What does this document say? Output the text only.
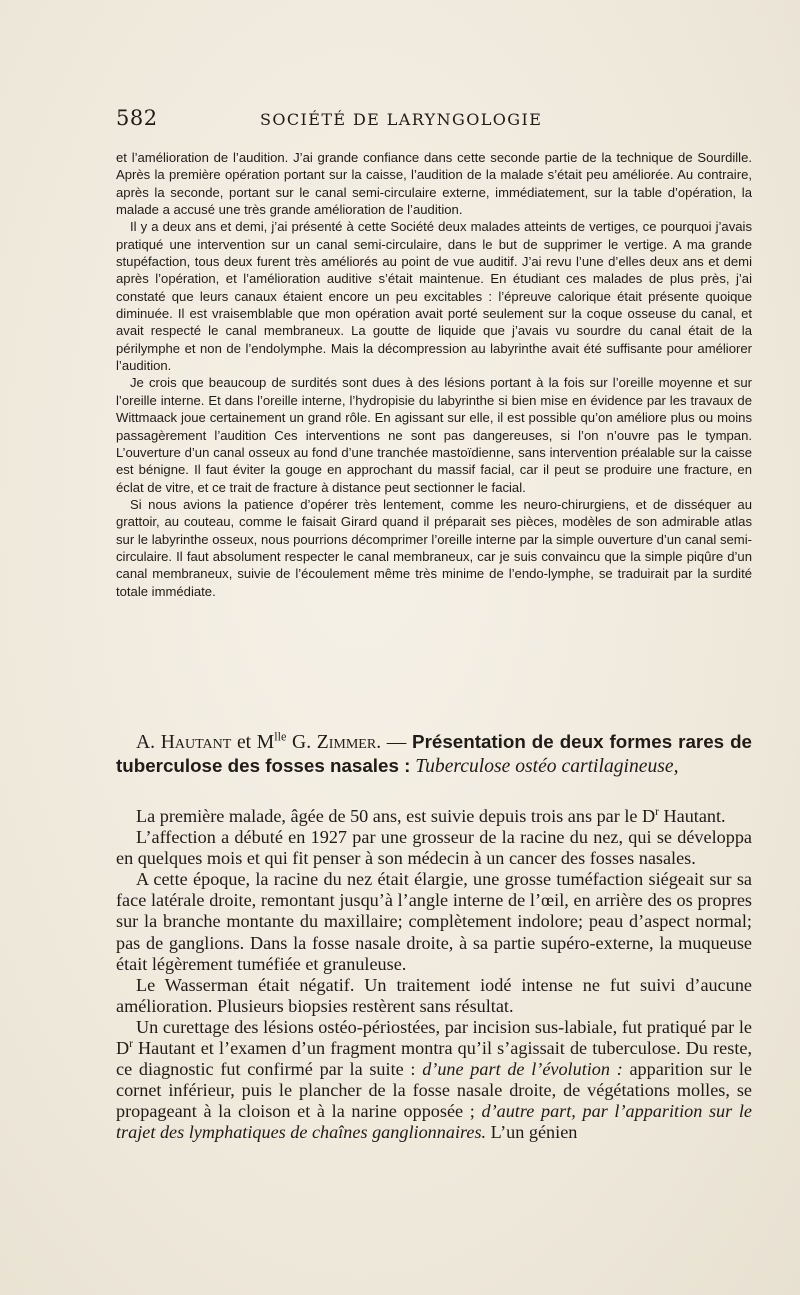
582	SOCIÉTÉ DE LARYNGOLOGIE

et l’amélioration de l’audition. J’ai grande confiance dans cette seconde partie de la technique de Sourdille. Après la première opération portant sur la caisse, l’audition de la malade s’était peu améliorée. Au contraire, après la seconde, portant sur le canal semi-circulaire externe, immédiatement, sur la table d’opération, la malade a accusé une très grande amélioration de l’audition.

Il y a deux ans et demi, j’ai présenté à cette Société deux malades atteints de vertiges, ce pourquoi j’avais pratiqué une intervention sur un canal semi-circulaire, dans le but de supprimer le vertige. A ma grande stupéfaction, tous deux furent très améliorés au point de vue auditif. J’ai revu l’une d’elles deux ans et demi après l’opération, et l’amélioration auditive s’était maintenue. En étudiant ces malades de plus près, j’ai constaté que leurs canaux étaient encore un peu excitables : l’épreuve calorique était présente quoique diminuée. Il est vraisemblable que mon opération avait porté seulement sur la coque osseuse du canal, et avait respecté le canal membraneux. La goutte de liquide que j’avais vu sourdre du canal était de la périlymphe et non de l’endolymphe. Mais la décompression au labyrinthe avait été suffisante pour améliorer l’audition.

Je crois que beaucoup de surdités sont dues à des lésions portant à la fois sur l’oreille moyenne et sur l’oreille interne. Et dans l’oreille interne, l’hydropisie du labyrinthe si bien mise en évidence par les travaux de Wittmaack joue certainement un grand rôle. En agissant sur elle, il est possible qu’on améliore plus ou moins passagèrement l’audition Ces interventions ne sont pas dangereuses, si l’on n’ouvre pas le tympan. L’ouverture d’un canal osseux au fond d’une tranchée mastoïdienne, sans intervention préalable sur la caisse est bénigne. Il faut éviter la gouge en approchant du massif facial, car il peut se produire une fracture, en éclat de vitre, et ce trait de fracture à distance peut sectionner le facial.

Si nous avions la patience d’opérer très lentement, comme les neuro-chirurgiens, et de disséquer au grattoir, au couteau, comme le faisait Girard quand il préparait ses pièces, modèles de son admirable atlas sur le labyrinthe osseux, nous pourrions décomprimer l’oreille interne par la simple ouverture d’un canal semi-circulaire. Il faut absolument respecter le canal membraneux, car je suis convaincu que la simple piqûre d’un canal membraneux, suivie de l’écoulement même très minime de l’endo-lymphe, se traduirait par la surdité totale immédiate.

A. Hautant et $M^{lle}$ G. Zimmer. — Présentation de deux formes rares de tuberculose des fosses nasales : Tuberculose ostéo cartilagineuse,

La première malade, âgée de 50 ans, est suivie depuis trois ans par le $D^r$ Hautant.

L’affection a débuté en 1927 par une grosseur de la racine du nez, qui se développa en quelques mois et qui fit penser à son médecin à un cancer des fosses nasales.

A cette époque, la racine du nez était élargie, une grosse tuméfaction siégeait sur sa face latérale droite, remontant jusqu’à l’angle interne de l’œil, en arrière des os propres sur la branche montante du maxillaire; complètement indolore; peau d’aspect normal; pas de ganglions. Dans la fosse nasale droite, à sa partie supéro-externe, la muqueuse était légèrement tuméfiée et granuleuse.

Le Wasserman était négatif. Un traitement iodé intense ne fut suivi d’aucune amélioration. Plusieurs biopsies restèrent sans résultat.

Un curettage des lésions ostéo-périostées, par incision sus-labiale, fut pratiqué par le $D^r$ Hautant et l’examen d’un fragment montra qu’il s’agissait de tuberculose. Du reste, ce diagnostic fut confirmé par la suite : d’une part de l’évolution : apparition sur le cornet inférieur, puis le plancher de la fosse nasale droite, de végétations molles, se propageant à la cloison et à la narine opposée ; d’autre part, par l’apparition sur le trajet des lymphatiques de chaînes ganglionnaires. L’un génien
